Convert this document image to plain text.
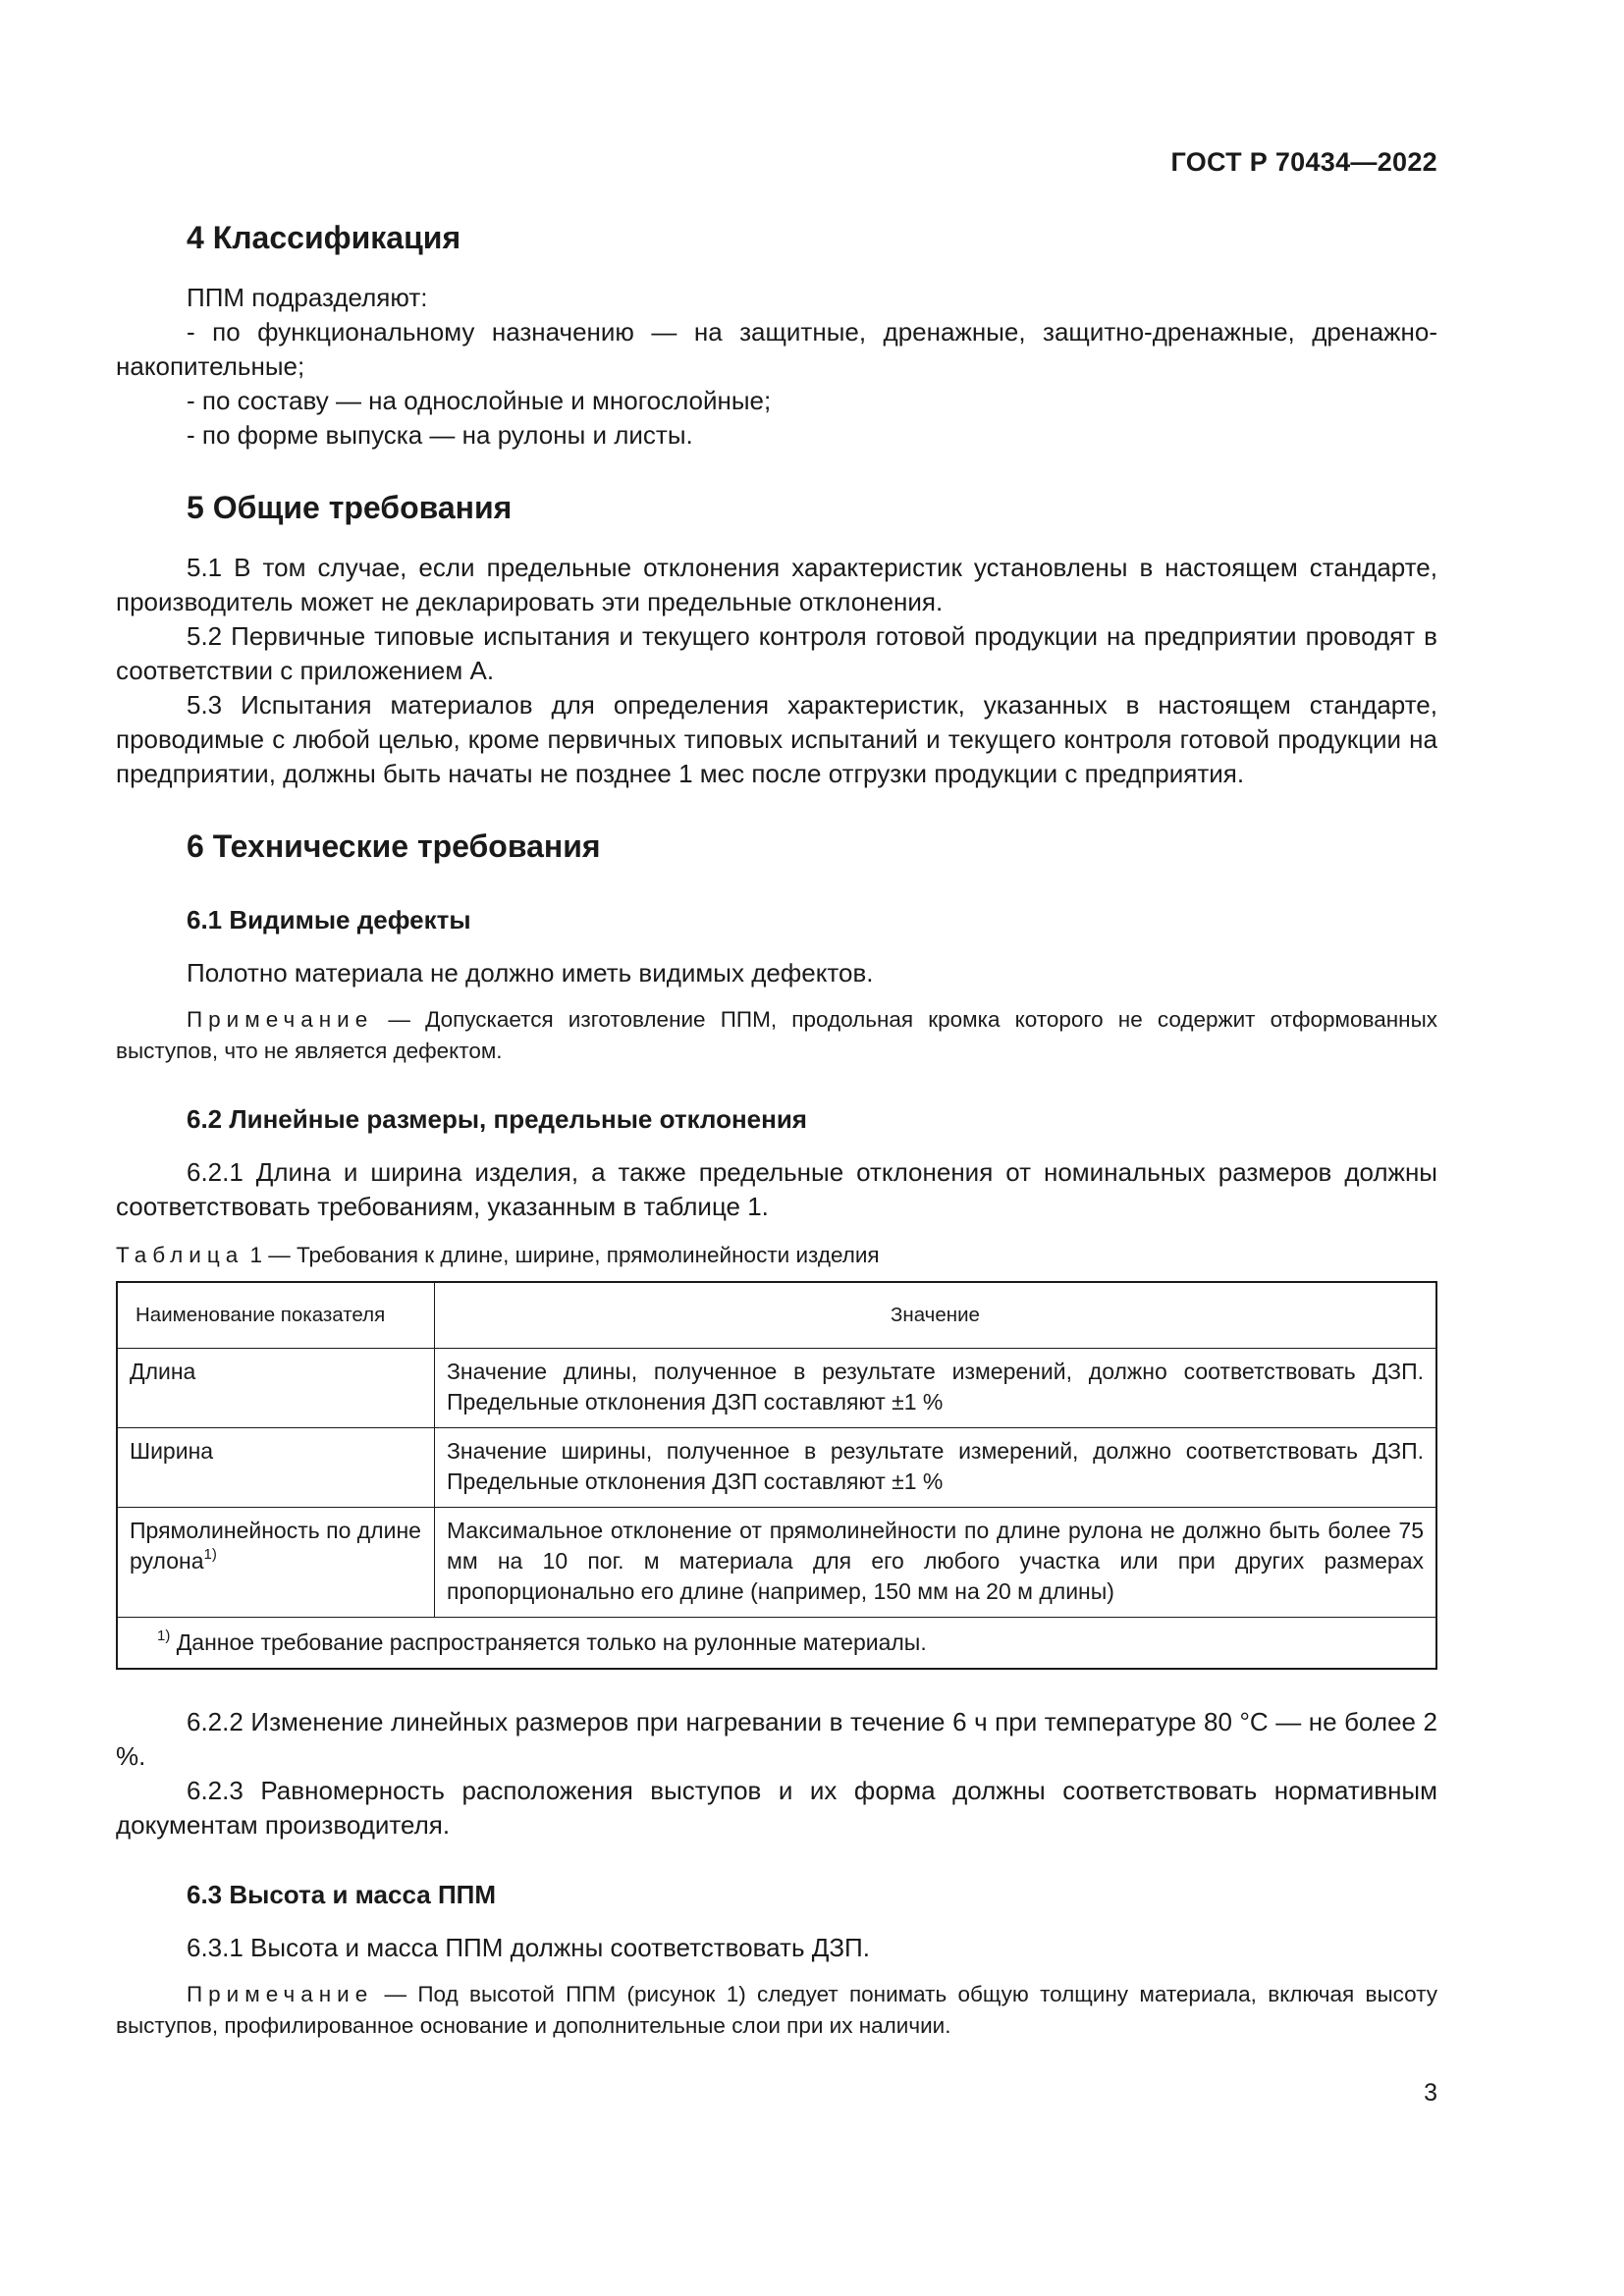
ГОСТ Р 70434—2022
4 Классификация

ППМ подразделяют:

- по функциональному назначению — на защитные, дренажные, защитно-дренажные, дренажно-накопительные;

- по составу — на однослойные и многослойные;

- по форме выпуска — на рулоны и листы.

5 Общие требования

5.1 В том случае, если предельные отклонения характеристик установлены в настоящем стандарте, производитель может не декларировать эти предельные отклонения.

5.2 Первичные типовые испытания и текущего контроля готовой продукции на предприятии проводят в соответствии с приложением А.

5.3 Испытания материалов для определения характеристик, указанных в настоящем стандарте, проводимые с любой целью, кроме первичных типовых испытаний и текущего контроля готовой продукции на предприятии, должны быть начаты не позднее 1 мес после отгрузки продукции с предприятия.

6 Технические требования
6.1 Видимые дефекты

Полотно материала не должно иметь видимых дефектов.

Примечание — Допускается изготовление ППМ, продольная кромка которого не содержит отформованных выступов, что не является дефектом.

6.2 Линейные размеры, предельные отклонения

6.2.1 Длина и ширина изделия, а также предельные отклонения от номинальных размеров должны соответствовать требованиям, указанным в таблице 1.

Таблица 1 — Требования к длине, ширине, прямолинейности изделия
Наименование показателя	Значение
Длина	Значение длины, полученное в результате измерений, должно соответствовать ДЗП. Предельные отклонения ДЗП составляют ±1 %
Ширина	Значение ширины, полученное в результате измерений, должно соответствовать ДЗП. Предельные отклонения ДЗП составляют ±1 %
Прямолинейность по длине рулона$^{1)}$	Максимальное отклонение от прямолинейности по длине рулона не должно быть более 75 мм на 10 пог. м материала для его любого участка или при других размерах пропорционально его длине (например, 150 мм на 20 м длины)
$^{1)}$ Данное требование распространяется только на рулонные материалы.	

6.2.2 Изменение линейных размеров при нагревании в течение 6 ч при температуре 80 °С — не более 2 %.

6.2.3 Равномерность расположения выступов и их форма должны соответствовать нормативным документам производителя.

6.3 Высота и масса ППМ

6.3.1 Высота и масса ППМ должны соответствовать ДЗП.

Примечание — Под высотой ППМ (рисунок 1) следует понимать общую толщину материала, включая высоту выступов, профилированное основание и дополнительные слои при их наличии.

3
